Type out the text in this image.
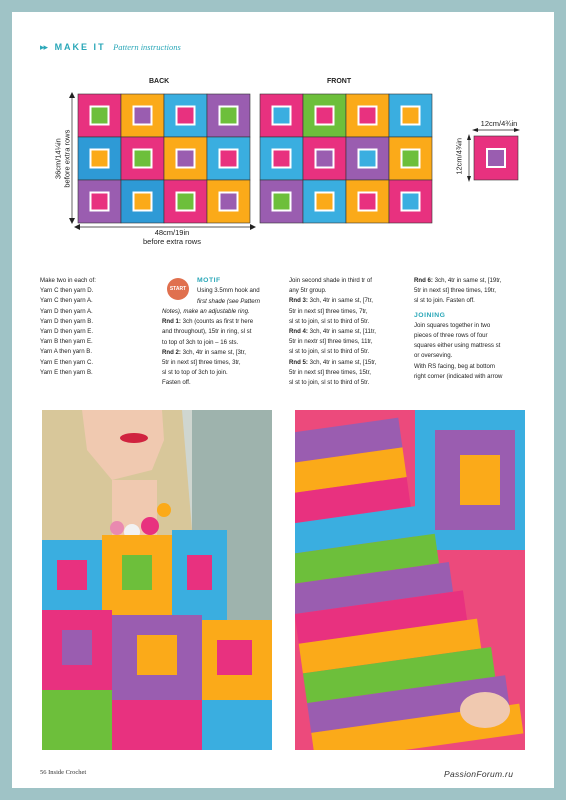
▸▸ MAKE IT Pattern instructions
BACK	FRONT
36cm/14¼in before extra rows
48cm/19in
before extra rows
12cm/4¾in
12cm/4¾in
Make two in each of:
Yarn C then yarn D.
Yarn C then yarn A.
Yarn D then yarn A.
Yarn D then yarn B.
Yarn D then yarn E.
Yarn B then yarn E.
Yarn A then yarn B.
Yarn E then yarn C.
Yarn E then yarn B.
START
MOTIF
Using 3.5mm hook and
first shade (see Pattern
Notes), make an adjustable ring.
Rnd 1: 3ch (counts as first tr here
and throughout), 15tr in ring, sl st
to top of 3ch to join – 16 sts.
Rnd 2: 3ch, 4tr in same st, [3tr,
5tr in next st] three times, 3tr,
sl st to top of 3ch to join.
Fasten off.
Join second shade in third tr of
any 5tr group.
Rnd 3: 3ch, 4tr in same st, [7tr,
5tr in next st] three times, 7tr,
sl st to join, sl st to third of 5tr.
Rnd 4: 3ch, 4tr in same st, [11tr,
5tr in nextr st] three times, 11tr,
sl st to join, sl st to third of 5tr.
Rnd 5: 3ch, 4tr in same st, [15tr,
5tr in next st] three times, 15tr,
sl st to join, sl st to third of 5tr.
Rnd 6: 3ch, 4tr in same st, [19tr,
5tr in next st] three times, 19tr,
sl st to join. Fasten off.
JOINING
Join squares together in two
pieces of three rows of four
squares either using mattress st
or overseving.
With RS facing, beg at bottom
right corner (indicated with arrow
56 Inside Crochet	PassionForum.ru
